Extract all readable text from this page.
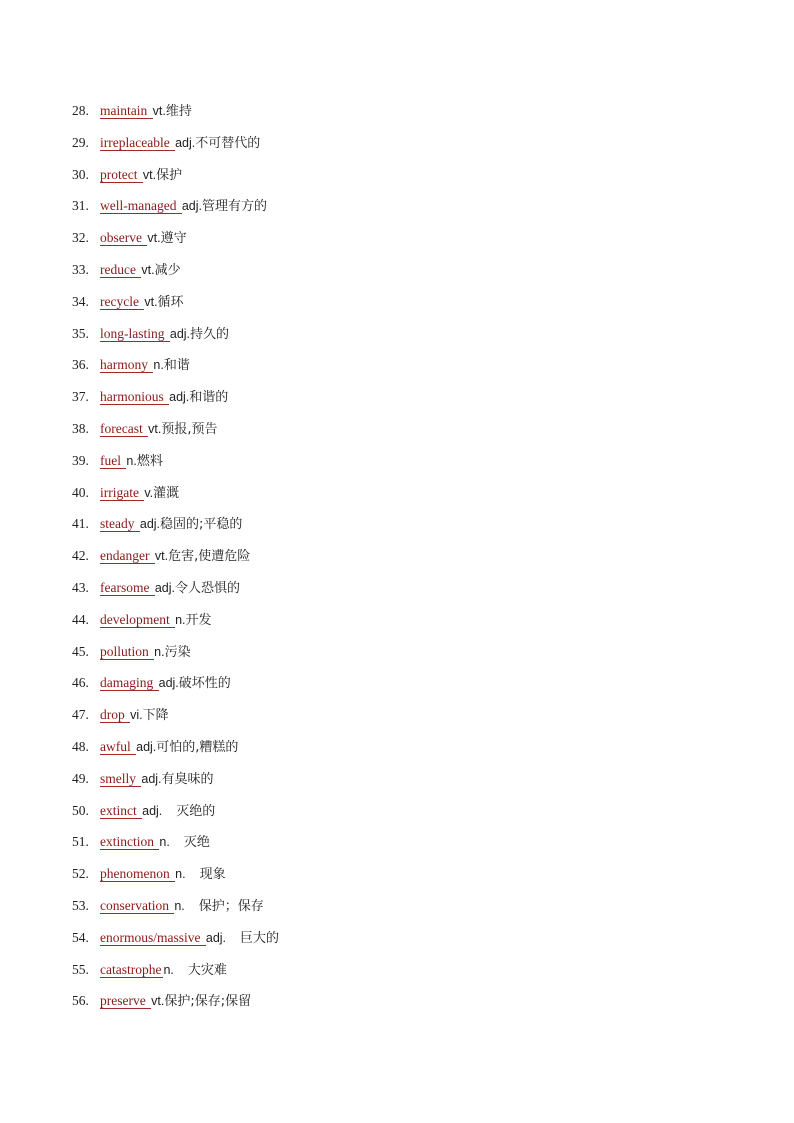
28. maintain vt.维持
29. irreplaceable adj.不可替代的
30. protect vt.保护
31. well-managed adj.管理有方的
32. observe vt.遵守
33. reduce vt.减少
34. recycle vt.循环
35. long-lasting adj.持久的
36. harmony n.和谐
37. harmonious adj.和谐的
38. forecast vt.预报,预告
39. fuel n.燃料
40. irrigate v.灌溉
41. steady adj.稳固的;平稳的
42. endanger vt.危害,使遭危险
43. fearsome adj.令人恐惧的
44. development n.开发
45. pollution n.污染
46. damaging adj.破坏性的
47. drop vi.下降
48. awful adj.可怕的,糟糕的
49. smelly adj.有臭味的
50. extinct adj. 灭绝的
51. extinction n. 灭绝
52. phenomenon n. 现象
53. conservation n. 保护；保存
54. enormous/massive adj. 巨大的
55. catastrophe n. 大灾难
56. preserve vt.保护;保存;保留
